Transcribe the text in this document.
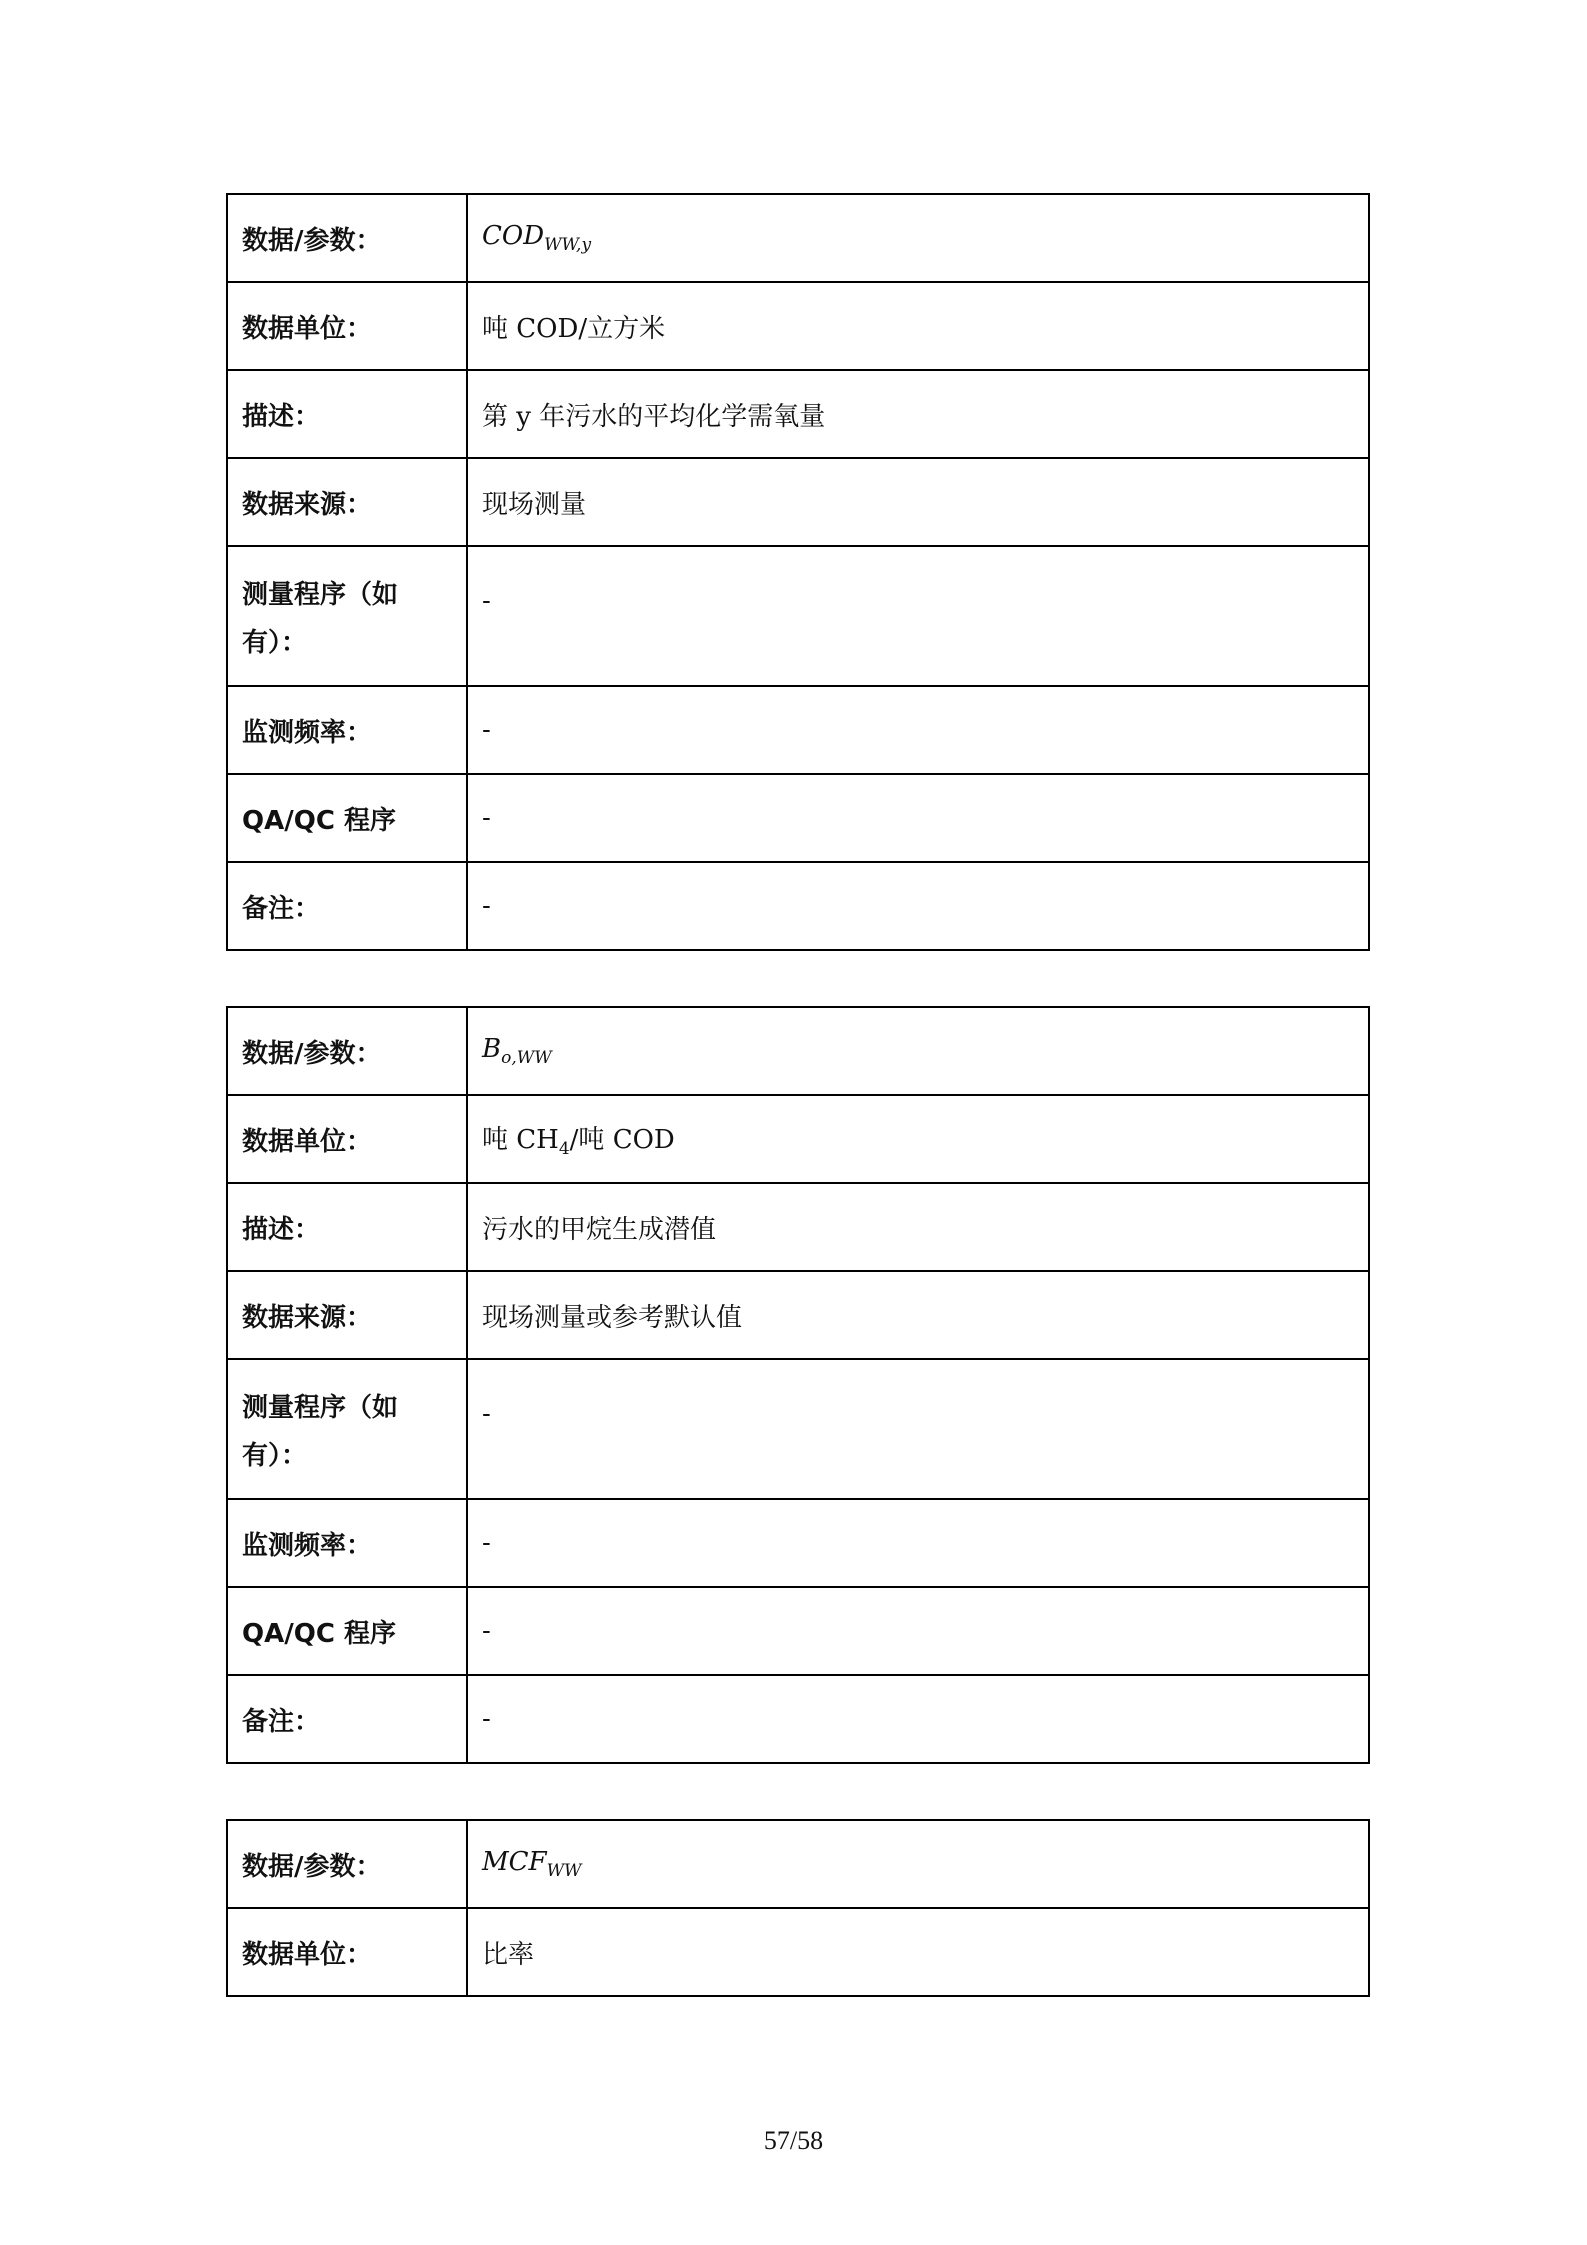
数据/参数：	$COD_{WW,y}$
数据单位：	吨 COD/立方米
描述：	第 y 年污水的平均化学需氧量
数据来源：	现场测量
测量程序（如有）：	-
监测频率：	-
QA/QC 程序	-
备注：	-
数据/参数：	$B_{o,WW}$
数据单位：	吨 $CH_4/$吨 COD
描述：	污水的甲烷生成潜值
数据来源：	现场测量或参考默认值
测量程序（如有）：	-
监测频率：	-
QA/QC 程序	-
备注：	-
数据/参数：	$MCF_{WW}$
数据单位：	比率
57/58
